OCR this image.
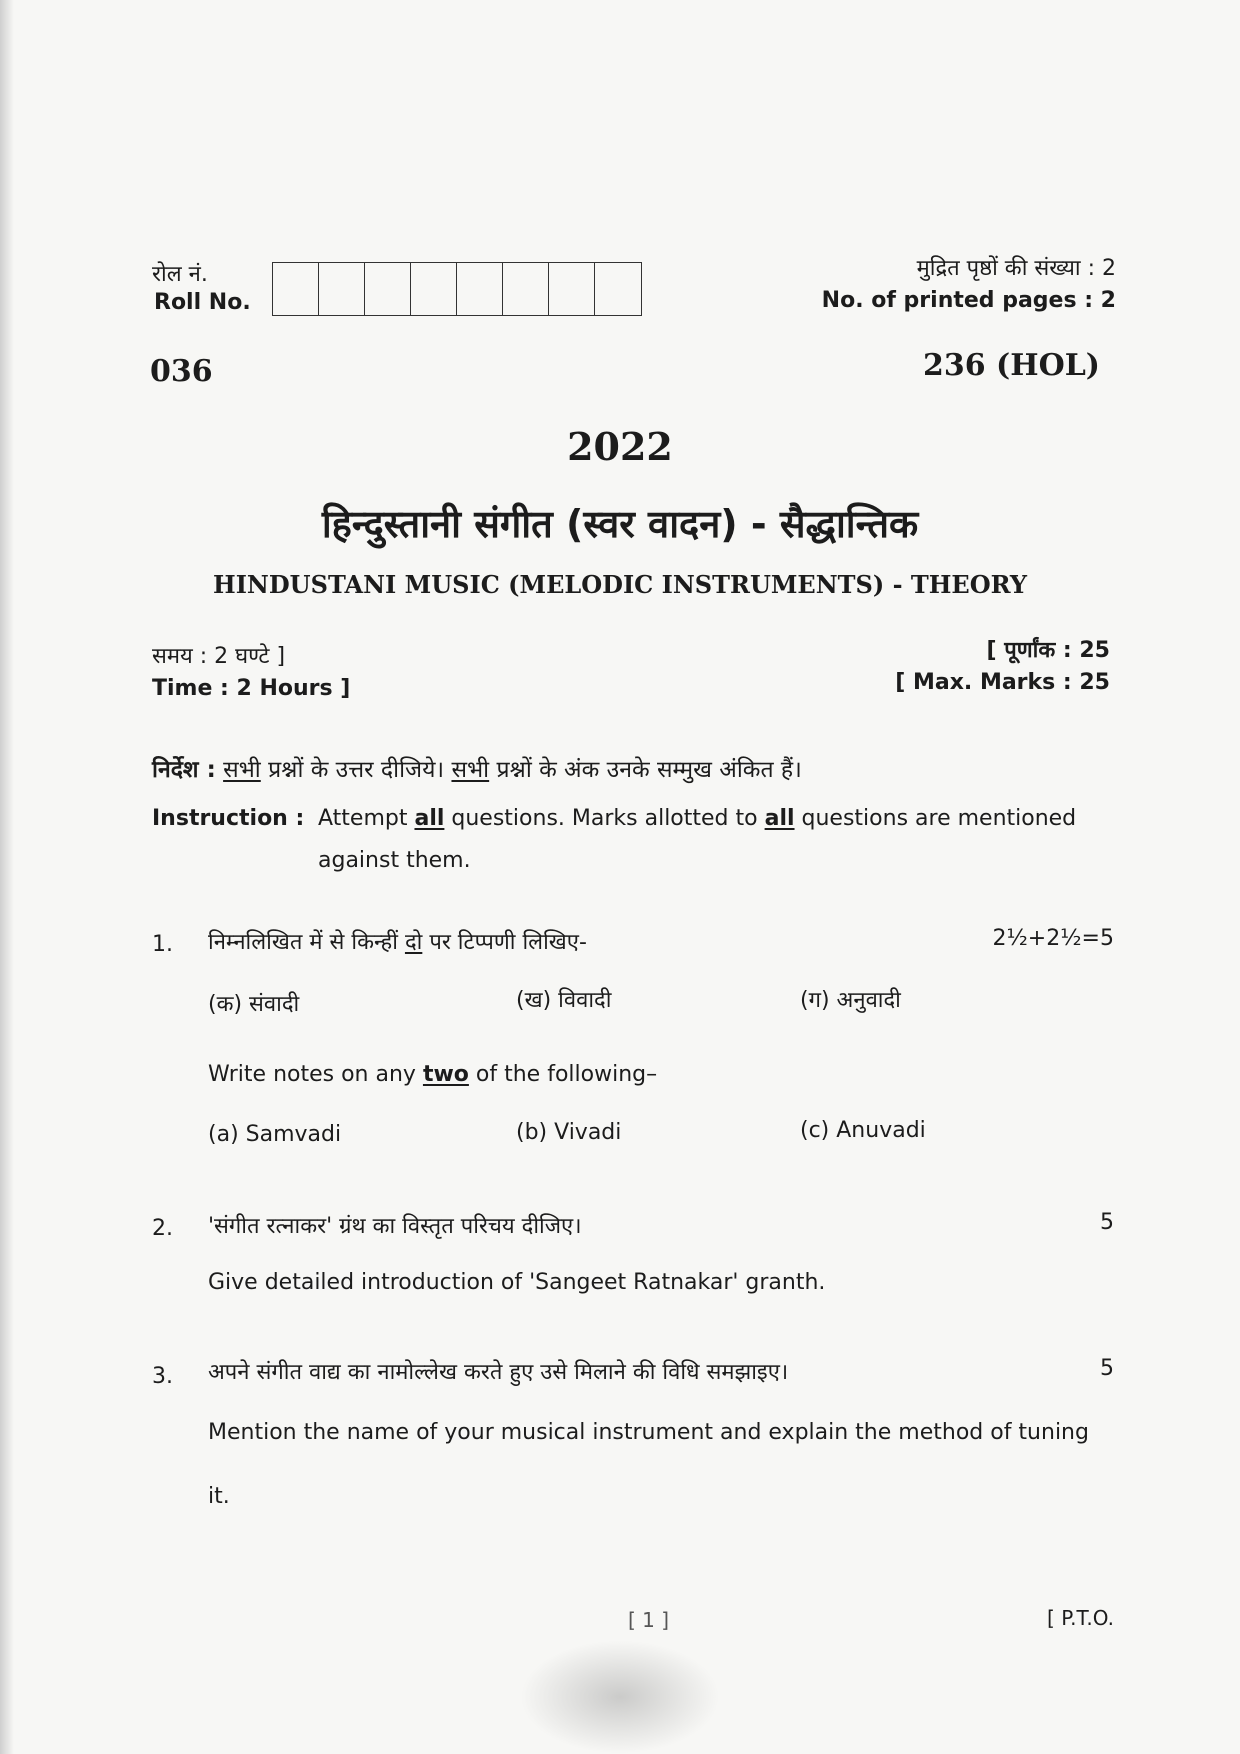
रोल नं.
Roll No.
मुद्रित पृष्ठों की संख्या : 2
No. of printed pages : 2
036	236 (HOL)
2022
हिन्दुस्तानी संगीत (स्वर वादन) - सैद्धान्तिक
HINDUSTANI MUSIC (MELODIC INSTRUMENTS) - THEORY
समय : 2 घण्टे ]
Time : 2 Hours ]
[ पूर्णांक : 25
[ Max. Marks : 25
निर्देश : सभी प्रश्नों के उत्तर दीजिये। सभी प्रश्नों के अंक उनके सम्मुख अंकित हैं।
Instruction : Attempt all questions. Marks allotted to all questions are mentioned
against them.
1. निम्नलिखित में से किन्हीं दो पर टिप्पणी लिखिए-	2½+2½=5
(क) संवादी	(ख) विवादी	(ग) अनुवादी
Write notes on any two of the following–
(a) Samvadi	(b) Vivadi	(c) Anuvadi
2. 'संगीत रत्नाकर' ग्रंथ का विस्तृत परिचय दीजिए।	5
Give detailed introduction of 'Sangeet Ratnakar' granth.
3. अपने संगीत वाद्य का नामोल्लेख करते हुए उसे मिलाने की विधि समझाइए।	5
Mention the name of your musical instrument and explain the method of tuning
it.
[ 1 ]	[ P.T.O.
